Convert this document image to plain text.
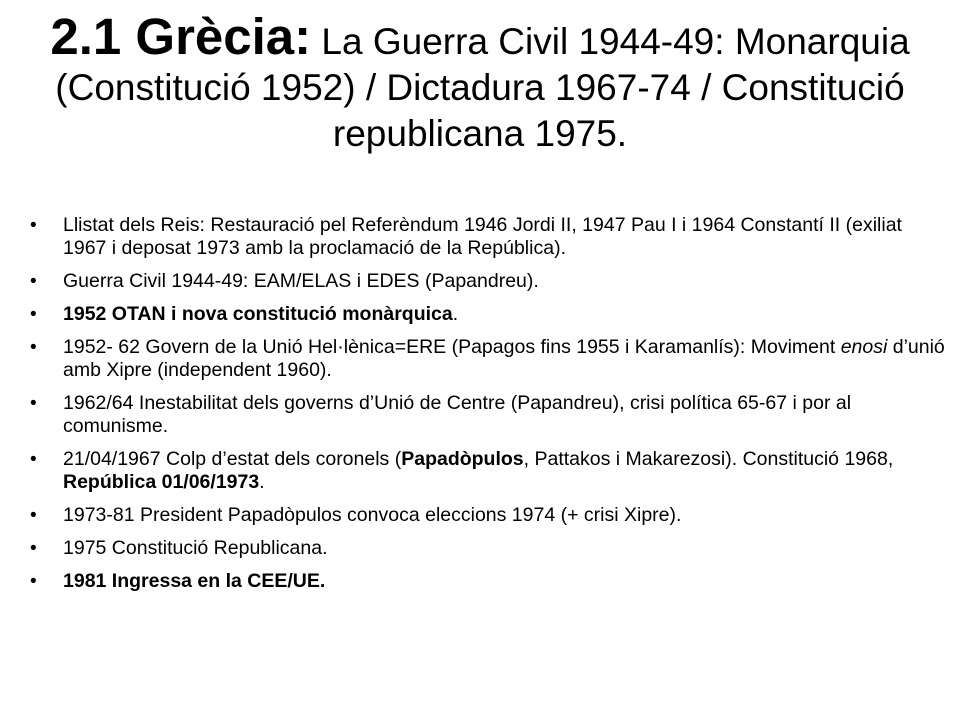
2.1 Grècia: La Guerra Civil 1944-49: Monarquia (Constitució 1952) / Dictadura 1967-74 / Constitució republicana 1975.
• Llistat dels Reis: Restauració pel Referèndum 1946 Jordi II, 1947 Pau I i 1964 Constantí II (exiliat 1967 i deposat 1973 amb la proclamació de la República).
• Guerra Civil 1944-49: EAM/ELAS i EDES (Papandreu).
• 1952 OTAN i nova constitució monàrquica.
• 1952- 62 Govern de la Unió Hel·lènica=ERE (Papagos fins 1955 i Karamanlís): Moviment enosi d’unió amb Xipre (independent 1960).
• 1962/64 Inestabilitat dels governs d’Unió de Centre (Papandreu), crisi política 65-67 i por al comunisme.
• 21/04/1967 Colp d’estat dels coronels (Papadòpulos, Pattakos i Makarezosi). Constitució 1968,República 01/06/1973.
• 1973-81 President Papadòpulos convoca eleccions 1974 (+ crisi Xipre).
• 1975 Constitució Republicana.
• 1981 Ingressa en la CEE/UE.
